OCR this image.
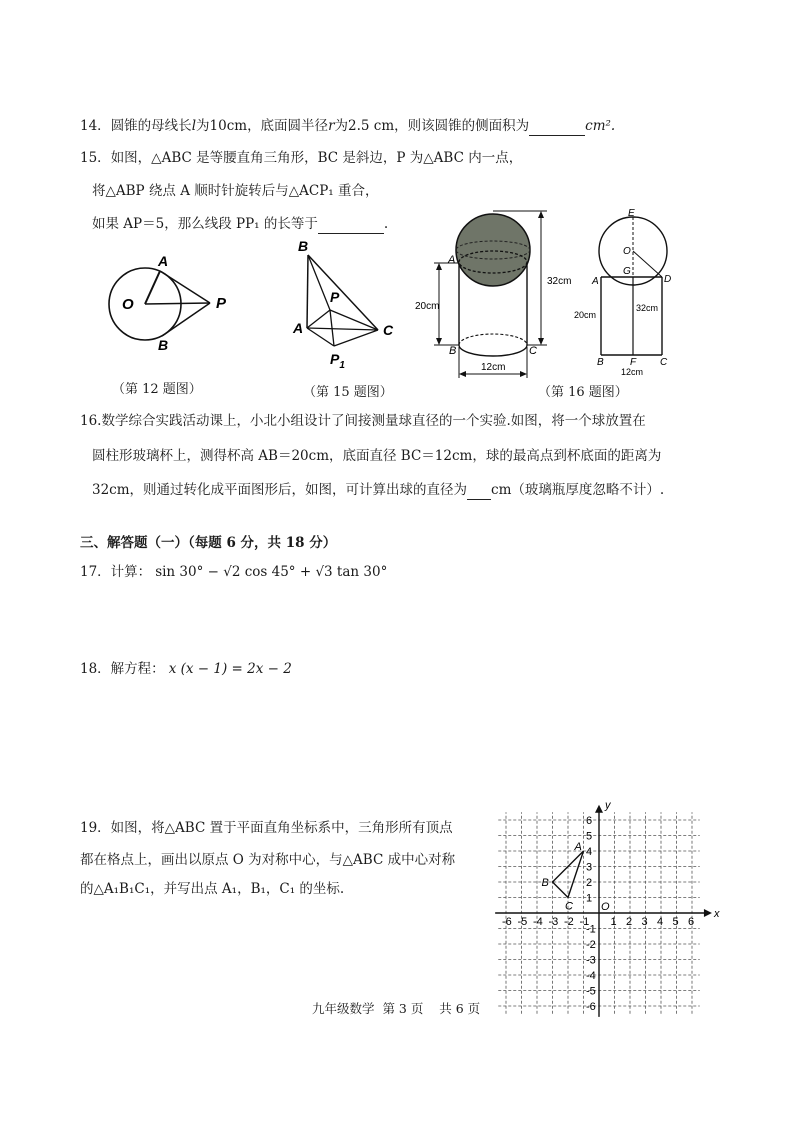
14．圆锥的母线长l为10cm，底面圆半径r为2.5 cm，则该圆锥的侧面积为	cm².
15．如图，△ABC 是等腰直角三角形，BC 是斜边，P 为△ABC 内一点，
将△ABP 绕点 A 顺时针旋转后与△ACP₁ 重合，
如果 AP＝5，那么线段 PP₁ 的长等于	.
O
A
B
P
（第 12 题图）
B
P
A	C
$P_1$
（第 15 题图）
A
B	C
20cm
32cm
12cm
E
O
G
A	D
32cm
20cm
B	F C
12cm
（第 16 题图）
16.数学综合实践活动课上，小北小组设计了间接测量球直径的一个实验.如图，将一个球放置在
圆柱形玻璃杯上，测得杯高 AB＝20cm，底面直径 BC＝12cm，球的最高点到杯底面的距离为
32cm，则通过转化成平面图形后，如图，可计算出球的直径为 cm（玻璃瓶厚度忽略不计）.
三、解答题（一）（每题 6 分，共 18 分）
17．计算： sin 30° − √2 cos 45° + √3 tan 30°
18．解方程： x (x − 1) = 2x − 2
19．如图，将△ABC 置于平面直角坐标系中，三角形所有顶点
都在格点上，画出以原点 O 为对称中心，与△ABC 成中心对称
的△A₁B₁C₁，并写出点 A₁，B₁，C₁ 的坐标.
x
y
O
-6 -5 -4 -3 -2 -1 1 2 3 4 5 6
6
5
4
3
2
1
-1
-2
-3
-4
-5
-6
A
B
C
九年级数学  第 3 页    共 6 页
